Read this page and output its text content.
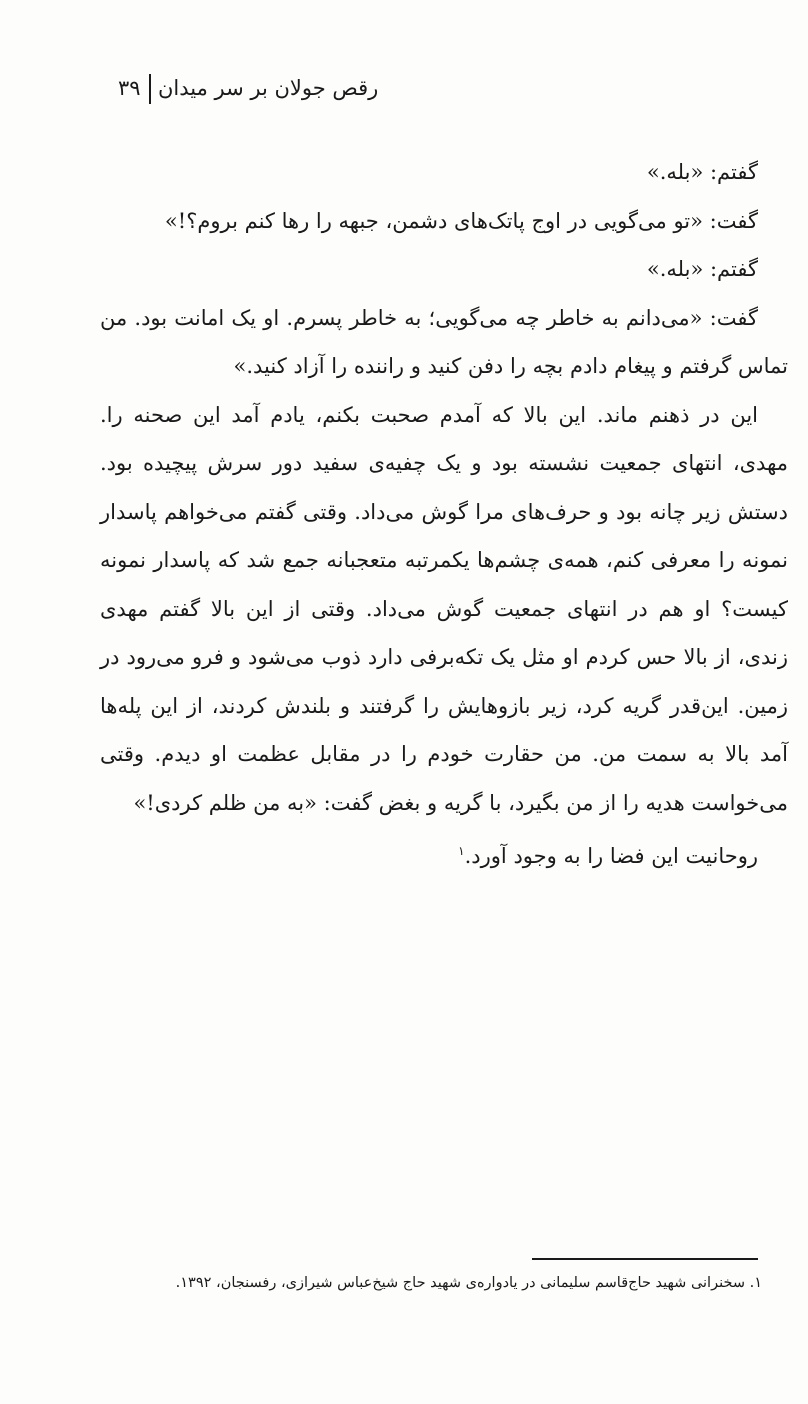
رقص جولان بر سر میدان
۳۹

گفتم: «بله.»

گفت: «تو می‌گویی در اوج پاتک‌های دشمن، جبهه را رها کنم بروم؟!»

گفتم: «بله.»

گفت: «می‌دانم به خاطر چه می‌گویی؛ به خاطر پسرم. او یک امانت بود. من تماس گرفتم و پیغام دادم بچه را دفن کنید و راننده را آزاد کنید.»

این در ذهنم ماند. این بالا که آمدم صحبت بکنم، یادم آمد این صحنه را. مهدی، انتهای جمعیت نشسته بود و یک چفیه‌ی سفید دور سرش پیچیده بود. دستش زیر چانه بود و حرف‌های مرا گوش می‌داد. وقتی گفتم می‌خواهم پاسدار نمونه را معرفی کنم، همه‌ی چشم‌ها یکمرتبه متعجبانه جمع شد که پاسدار نمونه کیست؟ او هم در انتهای جمعیت گوش می‌داد. وقتی از این بالا گفتم مهدی زندی، از بالا حس کردم او مثل یک تکه‌برفی دارد ذوب می‌شود و فرو می‌رود در زمین. این‌قدر گریه کرد، زیر بازوهایش را گرفتند و بلندش کردند، از این پله‌ها آمد بالا به سمت من. من حقارت خودم را در مقابل عظمت او دیدم. وقتی می‌خواست هدیه را از من بگیرد، با گریه و بغض گفت: «به من ظلم کردی!»

روحانیت این فضا را به وجود آورد.$^۱$

۱. سخنرانی شهید حاج‌قاسم سلیمانی در یادواره‌ی شهید حاج شیخ‌عباس شیرازی، رفسنجان، ۱۳۹۲.
